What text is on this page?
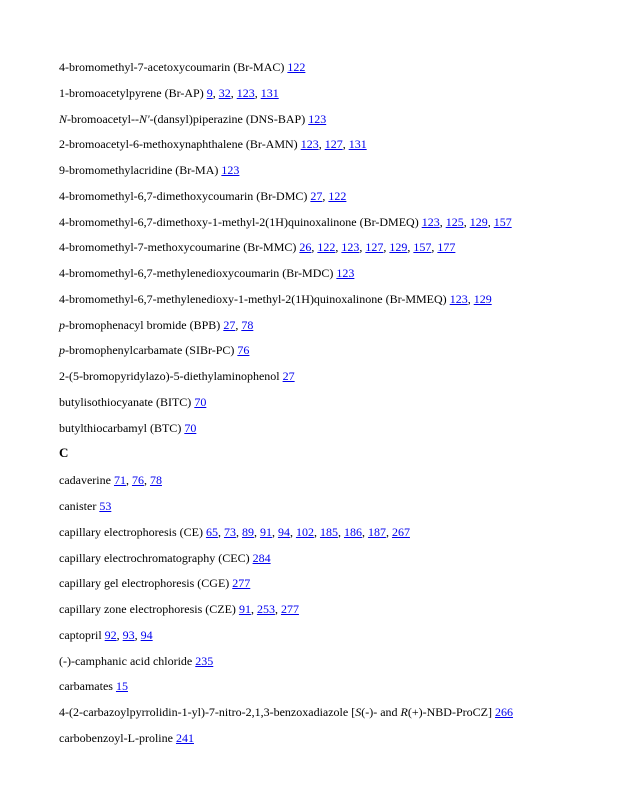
4-bromomethyl-7-acetoxycoumarin (Br-MAC) 122
1-bromoacetylpyrene (Br-AP) 9, 32, 123, 131
N-bromoacetyl--N'-(dansyl)piperazine (DNS-BAP) 123
2-bromoacetyl-6-methoxynaphthalene (Br-AMN) 123, 127, 131
9-bromomethylacridine (Br-MA) 123
4-bromomethyl-6,7-dimethoxycoumarin (Br-DMC) 27, 122
4-bromomethyl-6,7-dimethoxy-1-methyl-2(1H)quinoxalinone (Br-DMEQ) 123, 125, 129, 157
4-bromomethyl-7-methoxycoumarine (Br-MMC) 26, 122, 123, 127, 129, 157, 177
4-bromomethyl-6,7-methylenedioxycoumarin (Br-MDC) 123
4-bromomethyl-6,7-methylenedioxy-1-methyl-2(1H)quinoxalinone (Br-MMEQ) 123, 129
p-bromophenacyl bromide (BPB) 27, 78
p-bromophenylcarbamate (SIBr-PC) 76
2-(5-bromopyridylazo)-5-diethylaminophenol 27
butylisothiocyanate (BITC) 70
butylthiocarbamyl (BTC) 70
C
cadaverine 71, 76, 78
canister 53
capillary electrophoresis (CE) 65, 73, 89, 91, 94, 102, 185, 186, 187, 267
capillary electrochromatography (CEC) 284
capillary gel electrophoresis (CGE) 277
capillary zone electrophoresis (CZE) 91, 253, 277
captopril 92, 93, 94
(-)-camphanic acid chloride 235
carbamates 15
4-(2-carbazoylpyrrolidin-1-yl)-7-nitro-2,1,3-benzoxadiazole [S(-)- and R(+)-NBD-ProCZ] 266
carbobenzoyl-L-proline 241
